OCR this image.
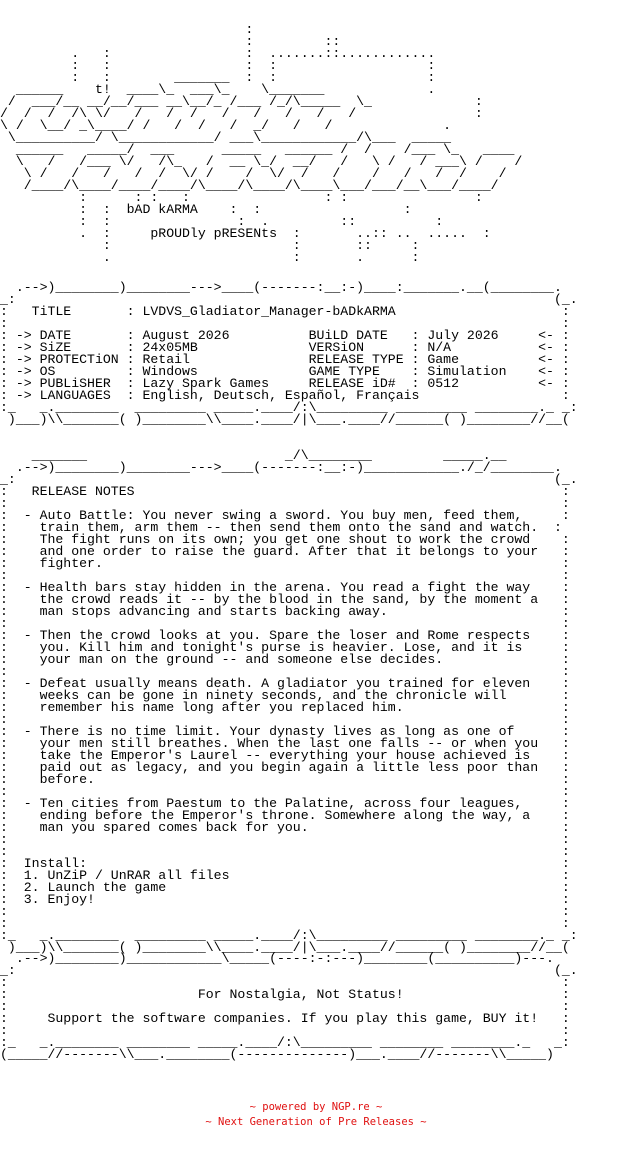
:
:         ::
.   :                 :  .......::............
:   :                 :  :                   :
:   :        _______  :  :                   :
______    t!  ____\_  ___\_    \_______             .
/  ___/__ __/__/___ __\__/_ /___ /_/\_____  \_             :
/  /  /  /\ \/   /   /  /   /   /   /   /   /               :
\ /  \__/ _\____/ /   /  /   /  _/   /   /              .
\__________/ \____________/ ___\____________/\___  _____
______   _____/  ___      _____   ______ /  /    /___ \_   ____
\   /   /___ \/   /\_   /  __ \_/  __/   /   \ /   / ___\ /    /
\ /   /   /   /  /  \/ /    /  \/  /   /    /   /   /  /    /
/____/\____/____/____/\____/\____/\____\___/___/__\___/____/
:      : :   :                 : :                :
:  :  bAD kARMA    :  :                  :
:  :                :  .         ::          :
.  :     pROUDly pRESENts  :       ..:: ..  .....  :
:                       :       ::     :
.                       :       .      :
.-->)________)________--->____(-------:__:-)____:_______.__(________.
_:                                                                    (_.
:   TiTLE       : LVDVS_Gladiator_Manager-bADkARMA                     :
:                                                                      :
: -> DATE       : August 2026          BUiLD DATE   : July 2026     <- :
: -> SiZE       : 24x05MB              VERSiON      : N/A           <- :
: -> PROTECTiON : Retail               RELEASE TYPE : Game          <- :
: -> OS         : Windows              GAME TYPE    : Simulation    <- :
: -> PUBLiSHER  : Lazy Spark Games     RELEASE iD#  : 0512          <- :
: -> LANGUAGES  : English, Deutsch, Español, Français                  :
:_   _.________  _________ _____.____/:\_________ _________ ________._ _:
)___)\\_______( )________\\____.____/|\___.____//______( )________//__(
_______                         _/\________         _____.__
.-->)________)________--->____(-------:__:-)____________./_/________.
_:                                                                    (_.
:   RELEASE NOTES                                                      :
:                                                                      :
:  - Auto Battle: You never swing a sword. You buy men, feed them,     :
:    train them, arm them -- then send them onto the sand and watch.  :
:    The fight runs on its own; you get one shout to work the crowd    :
:    and one order to raise the guard. After that it belongs to your   :
:    fighter.                                                          :
:                                                                      :
:  - Health bars stay hidden in the arena. You read a fight the way    :
:    the crowd reads it -- by the blood in the sand, by the moment a   :
:    man stops advancing and starts backing away.                      :
:                                                                      :
:  - Then the crowd looks at you. Spare the loser and Rome respects    :
:    you. Kill him and tonight's purse is heavier. Lose, and it is     :
:    your man on the ground -- and someone else decides.               :
:                                                                      :
:  - Defeat usually means death. A gladiator you trained for eleven    :
:    weeks can be gone in ninety seconds, and the chronicle will       :
:    remember his name long after you replaced him.                    :
:                                                                      :
:  - There is no time limit. Your dynasty lives as long as one of      :
:    your men still breathes. When the last one falls -- or when you   :
:    take the Emperor's Laurel -- everything your house achieved is    :
:    paid out as legacy, and you begin again a little less poor than   :
:    before.                                                           :
:                                                                      :
:  - Ten cities from Paestum to the Palatine, across four leagues,     :
:    ending before the Emperor's throne. Somewhere along the way, a    :
:    man you spared comes back for you.                                :
:                                                                      :
:                                                                      :
:  Install:                                                            :
:  1. UnZiP / UnRAR all files                                          :
:  2. Launch the game                                                  :
:  3. Enjoy!                                                           :
:                                                                      :
:                                                                      :
:_   _.________  _________ _____.____/:\_________ _________ ________._ _:
)___)\\_______( )________\\____.____/|\___.____//______( )________//__(
.-->)________)____________\_____(----:-:---)________(__________)---.
_:                                                                    (_.
:                                                                      :
:                        For Nostalgia, Not Status!                    :
:                                                                      :
:     Support the software companies. If you play this game, BUY it!   :
:                                                                      :
:_   _.________ ________ _____.____/:\_________ ________ ________._   _:
(_____//-------\\___.________(--------------)___.____//-------\\_____)
~ powered by NGP.re ~
~ Next Generation of Pre Releases ~
